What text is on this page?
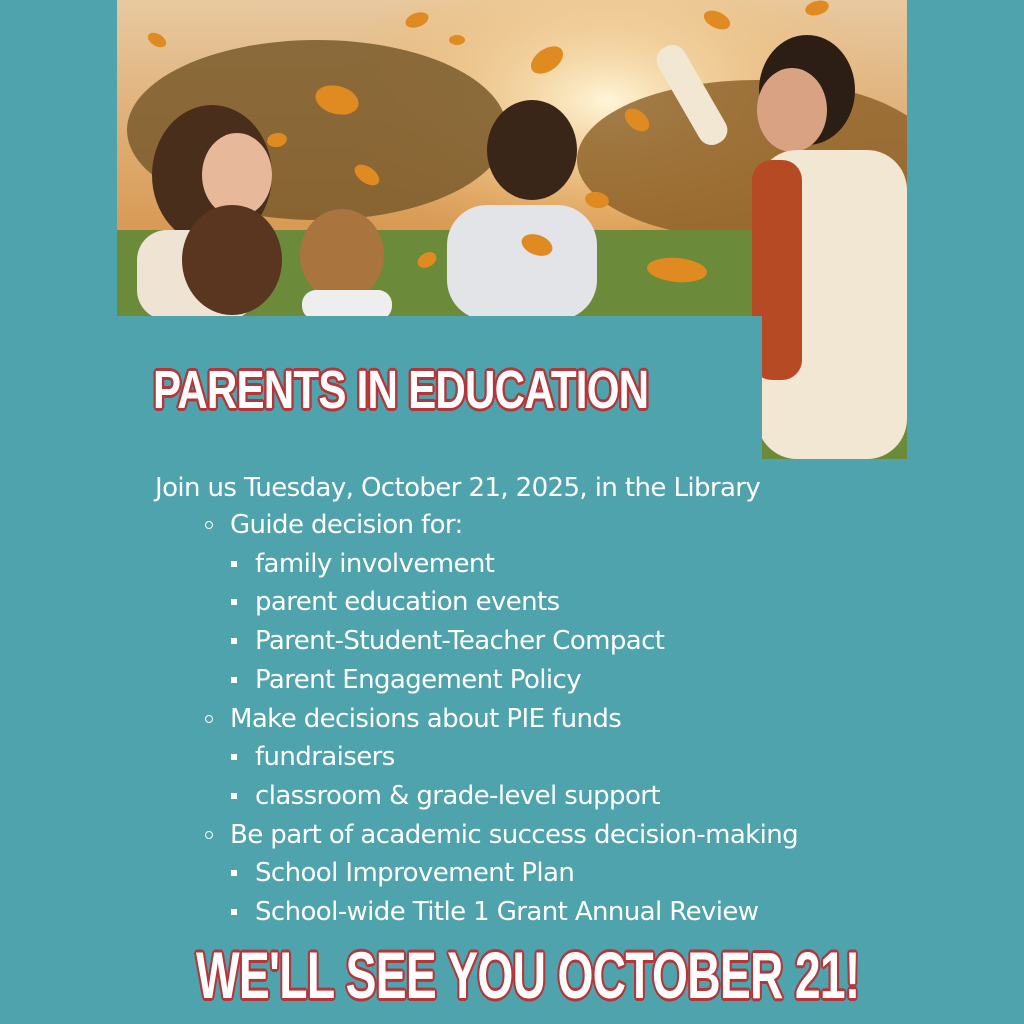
PARENTS IN EDUCATION
Join us Tuesday, October 21, 2025, in the Library
Guide decision for:
family involvement
parent education events
Parent-Student-Teacher Compact
Parent Engagement Policy
Make decisions about PIE funds
fundraisers
classroom & grade-level support
Be part of academic success decision-making
School Improvement Plan
School-wide Title 1 Grant Annual Review
WE'LL SEE YOU OCTOBER 21!
